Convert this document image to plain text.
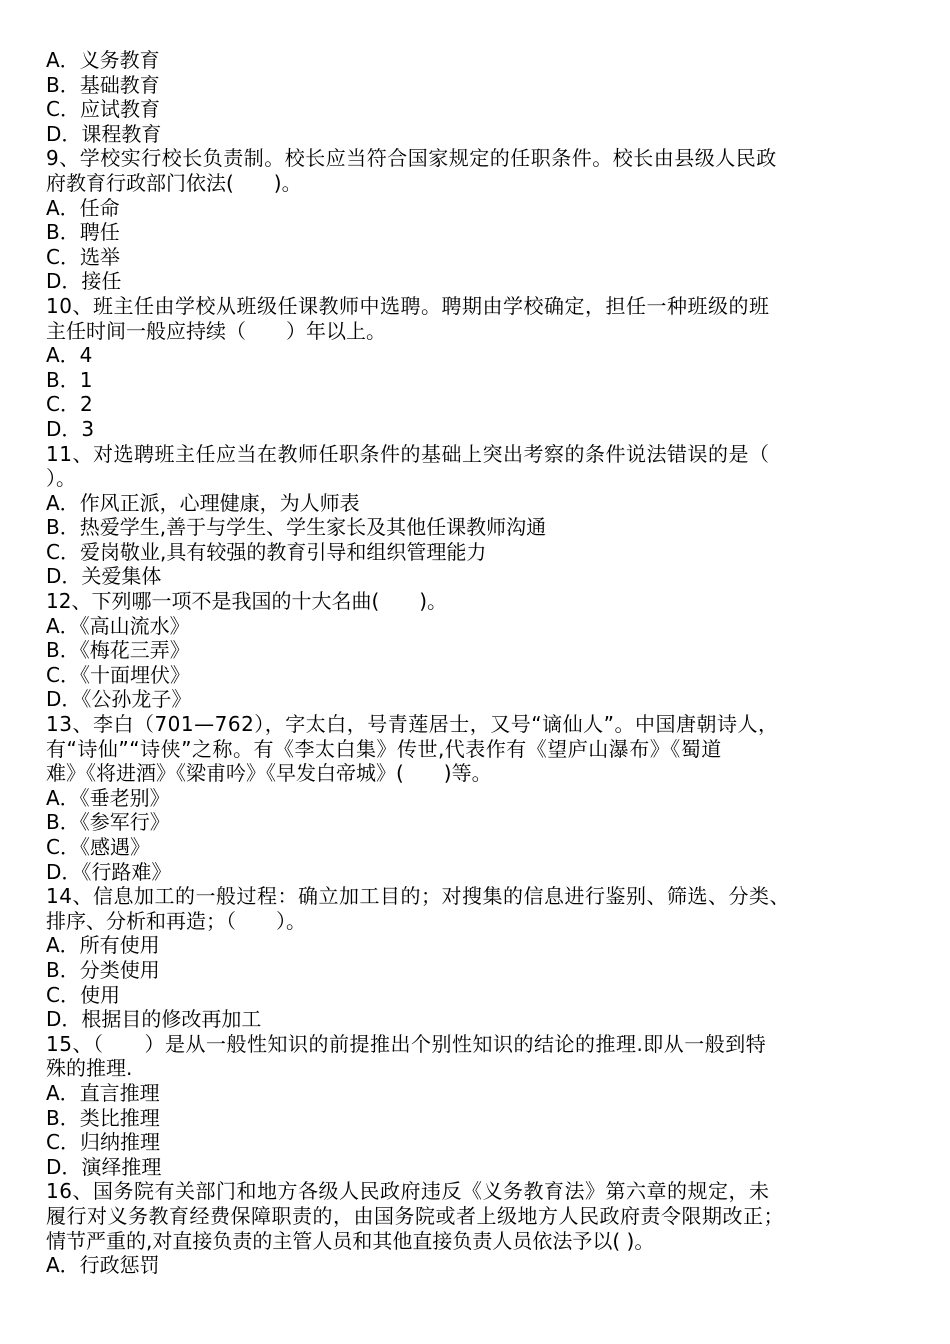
A．义务教育
B．基础教育
C．应试教育
D．课程教育
9、学校实行校长负责制。校长应当符合国家规定的任职条件。校长由县级人民政
府教育行政部门依法(　　)。
A．任命
B．聘任
C．选举
D．接任
10、班主任由学校从班级任课教师中选聘。聘期由学校确定，担任一种班级的班
主任时间一般应持续（　　）年以上。
A．4
B．1
C．2
D．3
11、对选聘班主任应当在教师任职条件的基础上突出考察的条件说法错误的是（
）。
A．作风正派，心理健康，为人师表
B．热爱学生,善于与学生、学生家长及其他任课教师沟通
C．爱岗敬业,具有较强的教育引导和组织管理能力
D．关爱集体
12、下列哪一项不是我国的十大名曲(　　)。
A．《高山流水》
B．《梅花三弄》
C．《十面埋伏》
D．《公孙龙子》
13、李白（701—762），字太白，号青莲居士，又号“谪仙人”。中国唐朝诗人，
有“诗仙”“诗侠”之称。有《李太白集》传世,代表作有《望庐山瀑布》《蜀道
难》《将进酒》《梁甫吟》《早发白帝城》(　　)等。
A．《垂老别》
B．《参军行》
C．《感遇》
D．《行路难》
14、信息加工的一般过程：确立加工目的；对搜集的信息进行鉴别、筛选、分类、
排序、分析和再造；（　　）。
A．所有使用
B．分类使用
C．使用
D．根据目的修改再加工
15、（　　）是从一般性知识的前提推出个别性知识的结论的推理.即从一般到特
殊的推理.
A．直言推理
B．类比推理
C．归纳推理
D．演绎推理
16、国务院有关部门和地方各级人民政府违反《义务教育法》第六章的规定，未
履行对义务教育经费保障职责的，由国务院或者上级地方人民政府责令限期改正；
情节严重的,对直接负责的主管人员和其他直接负责人员依法予以( )。
A．行政惩罚
